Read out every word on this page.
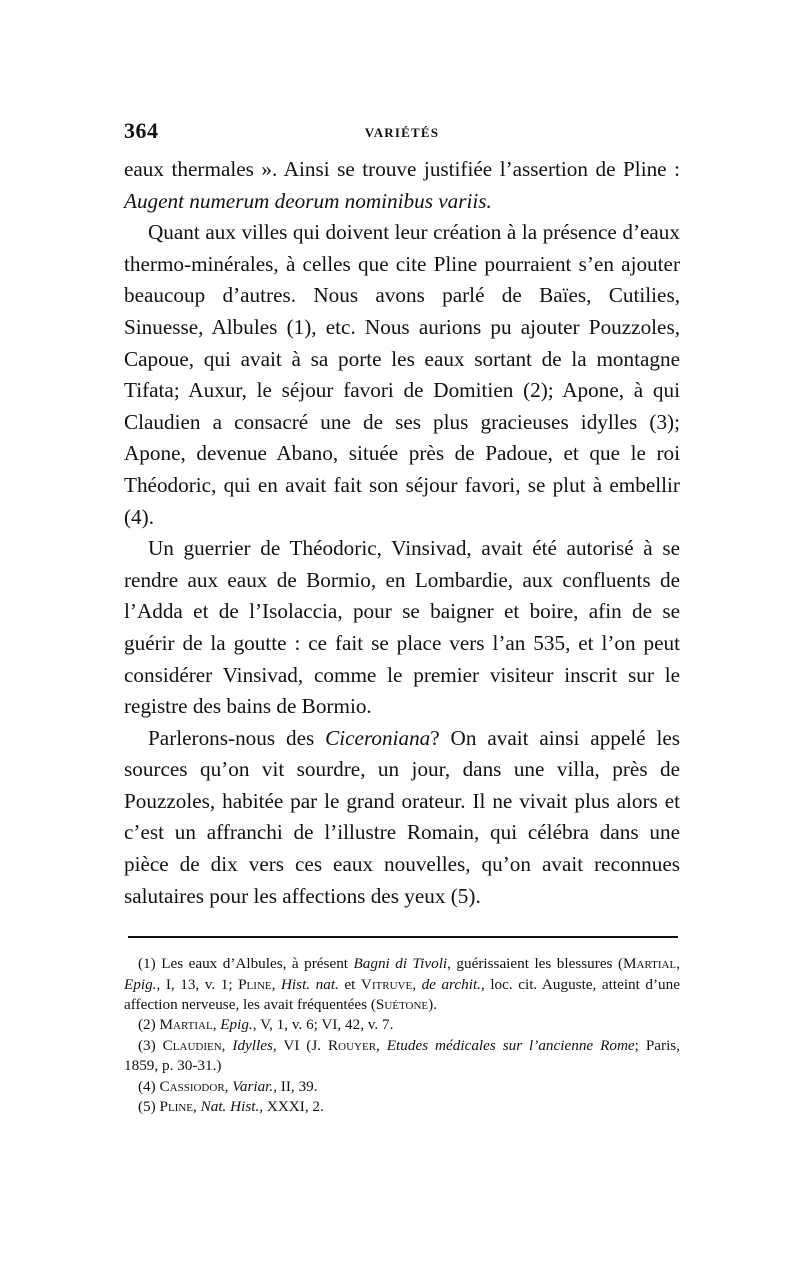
364	VARIÉTÉS

eaux thermales ». Ainsi se trouve justifiée l’assertion de Pline : Augent numerum deorum nominibus variis.

Quant aux villes qui doivent leur création à la présence d’eaux thermo-minérales, à celles que cite Pline pourraient s’en ajouter beaucoup d’autres. Nous avons parlé de Baïes, Cutilies, Sinuesse, Albules (1), etc. Nous aurions pu ajouter Pouzzoles, Capoue, qui avait à sa porte les eaux sortant de la montagne Tifata; Auxur, le séjour favori de Domitien (2); Apone, à qui Claudien a consacré une de ses plus gracieuses idylles (3); Apone, devenue Abano, située près de Padoue, et que le roi Théodoric, qui en avait fait son séjour favori, se plut à embellir (4).

Un guerrier de Théodoric, Vinsivad, avait été autorisé à se rendre aux eaux de Bormio, en Lombardie, aux confluents de l’Adda et de l’Isolaccia, pour se baigner et boire, afin de se guérir de la goutte : ce fait se place vers l’an 535, et l’on peut considérer Vinsivad, comme le premier visiteur inscrit sur le registre des bains de Bormio.

Parlerons-nous des Ciceroniana? On avait ainsi appelé les sources qu’on vit sourdre, un jour, dans une villa, près de Pouzzoles, habitée par le grand orateur. Il ne vivait plus alors et c’est un affranchi de l’illustre Romain, qui célébra dans une pièce de dix vers ces eaux nouvelles, qu’on avait reconnues salutaires pour les affections des yeux (5).

(1) Les eaux d’Albules, à présent Bagni di Tivoli, guérissaient les blessures (Martial, Epig., I, 13, v. 1; Pline, Hist. nat. et Vitruve, de archit., loc. cit. Auguste, atteint d’une affection nerveuse, les avait fréquentées (Suétone).

(2) Martial, Epig., V, 1, v. 6; VI, 42, v. 7.

(3) Claudien, Idylles, VI (J. Rouyer, Etudes médicales sur l’ancienne Rome; Paris, 1859, p. 30-31.)

(4) Cassiodor, Variar., II, 39.

(5) Pline, Nat. Hist., XXXI, 2.
